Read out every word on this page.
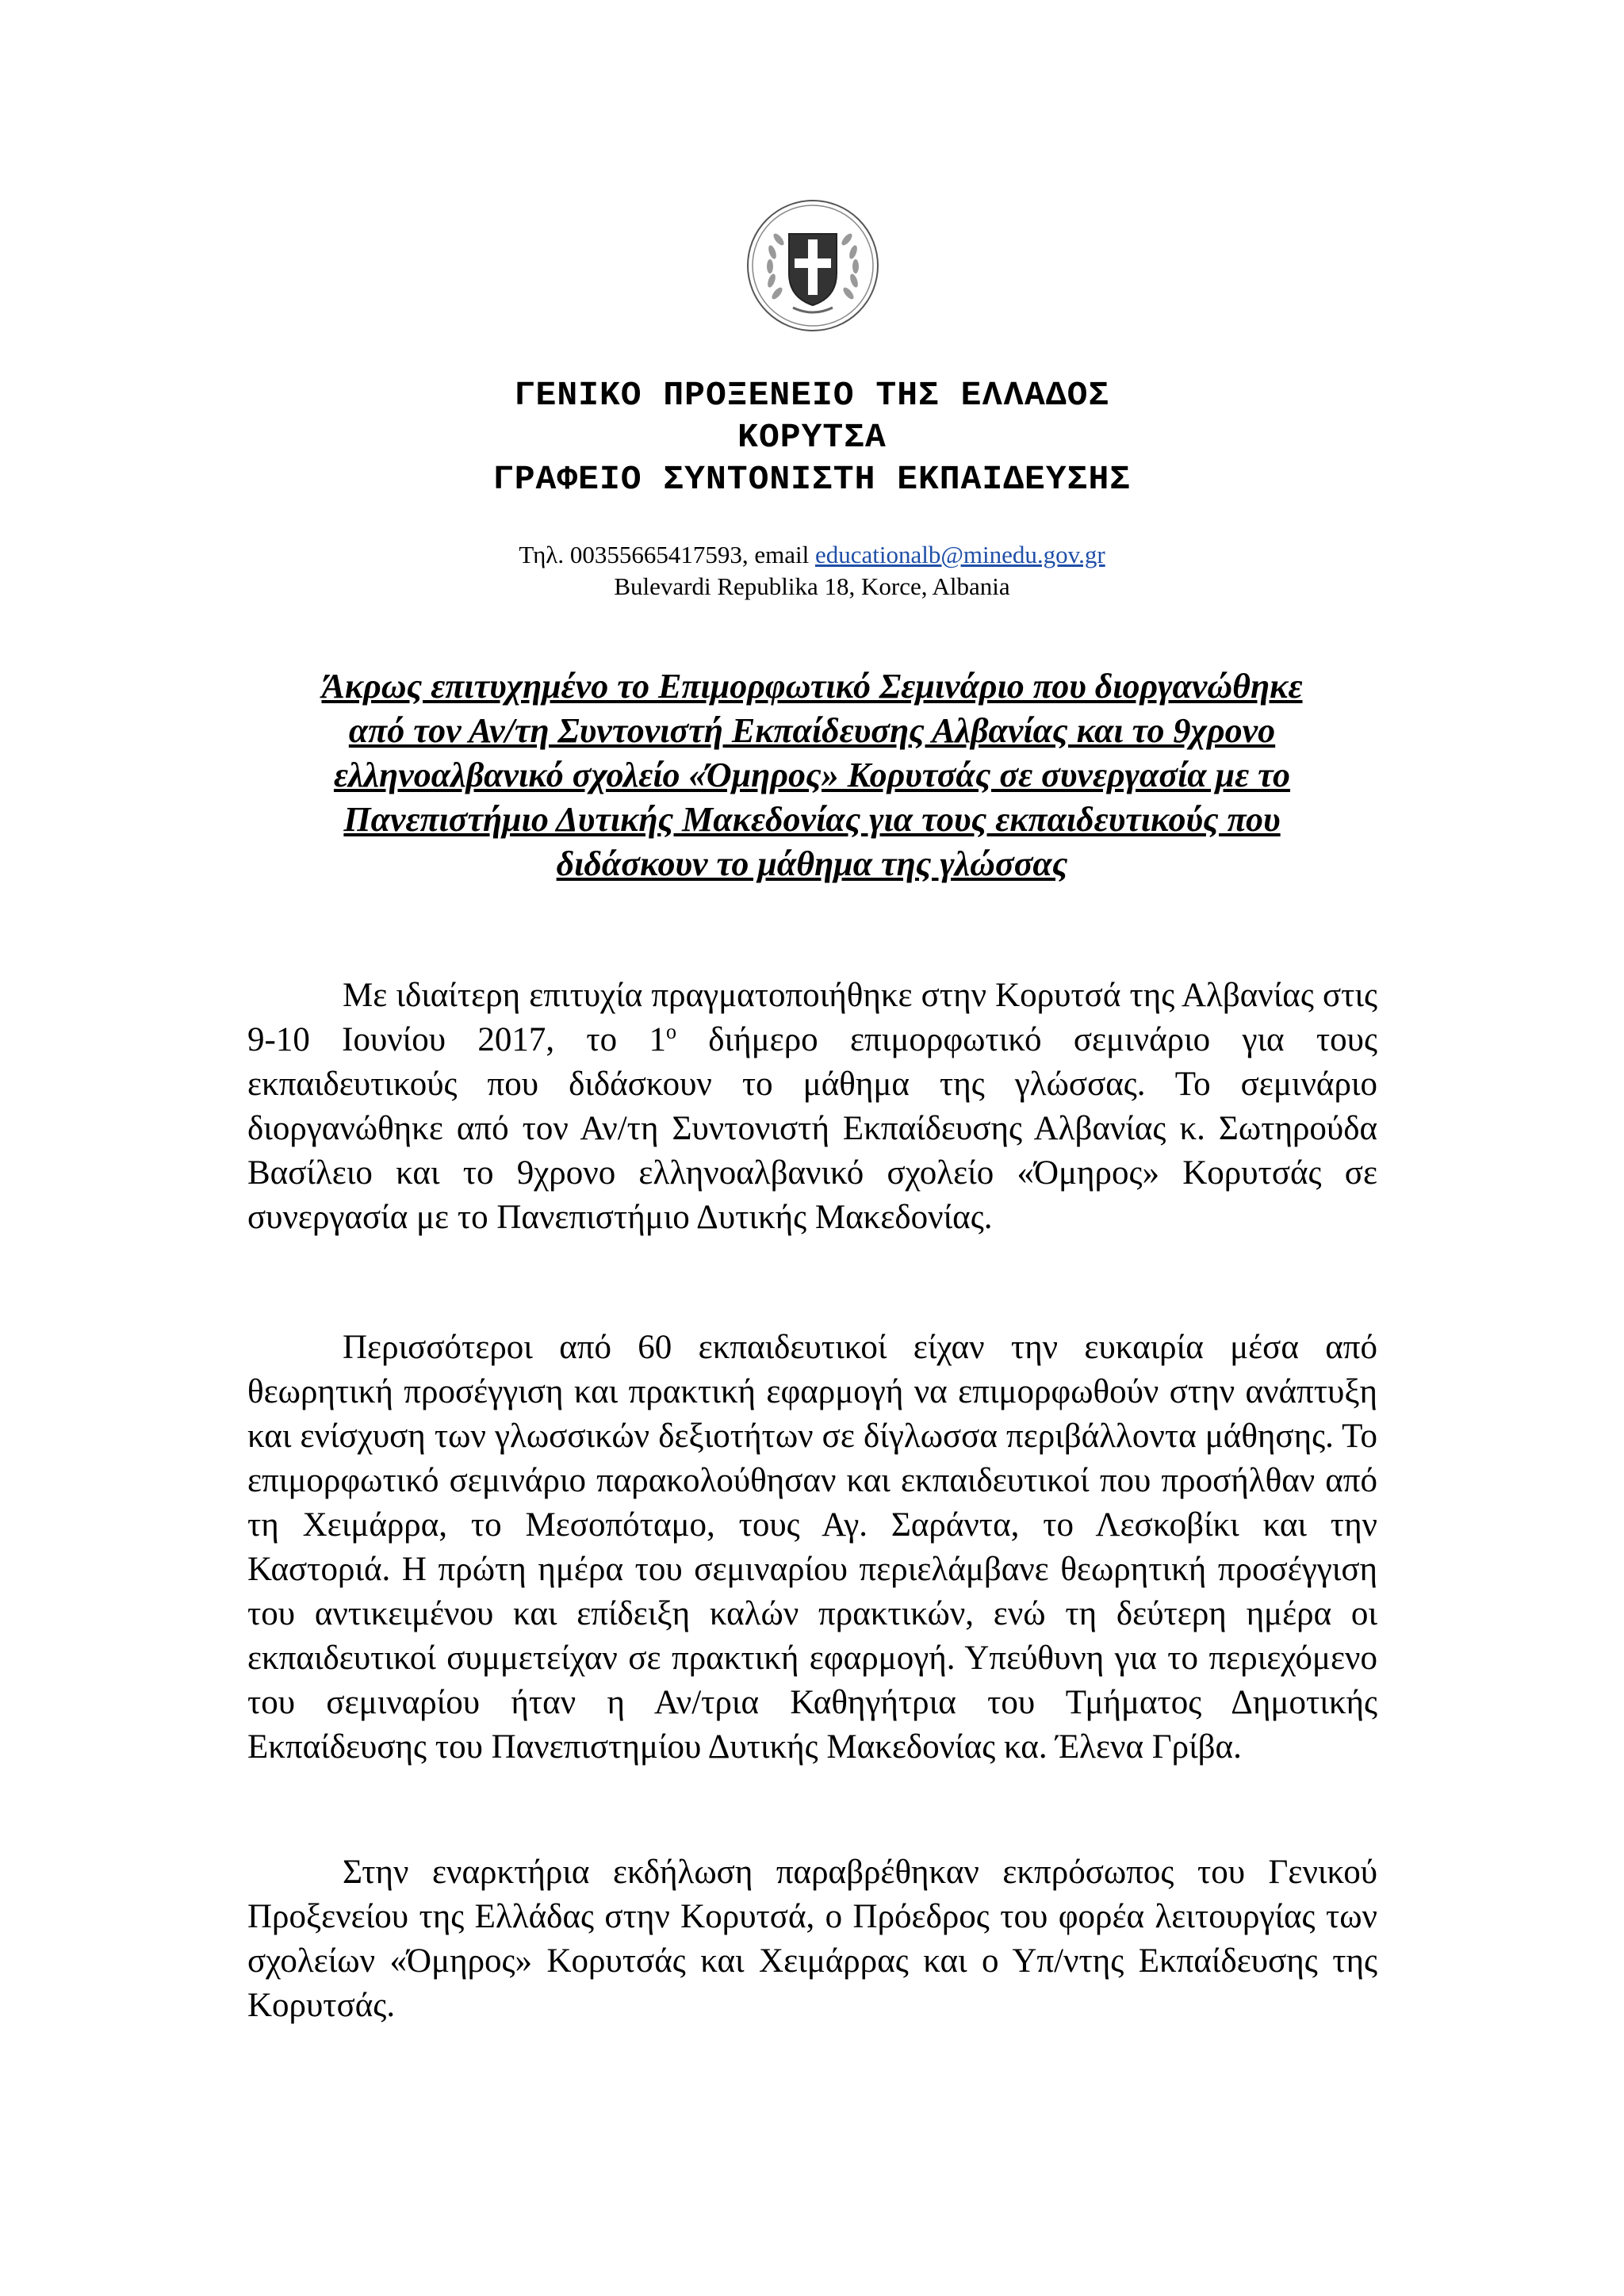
ΓΕΝΙΚΟ ΠΡΟΞΕΝΕΙΟ ΤΗΣ ΕΛΛΑΔΟΣ
ΚΟΡΥΤΣΑ
ΓΡΑΦΕΙΟ ΣΥΝΤΟΝΙΣΤΗ ΕΚΠΑΙΔΕΥΣΗΣ
Τηλ. 00355665417593, email educationalb@minedu.gov.gr
Bulevardi Republika 18, Korce, Albania
Άκρως επιτυχημένο το Επιμορφωτικό Σεμινάριο που διοργανώθηκε
από τον Αν/τη Συντονιστή Εκπαίδευσης Αλβανίας και το 9χρονο
ελληνοαλβανικό σχολείο «Όμηρος» Κορυτσάς σε συνεργασία με το
Πανεπιστήμιο Δυτικής Μακεδονίας για τους εκπαιδευτικούς που
διδάσκουν το μάθημα της γλώσσας

Με ιδιαίτερη επιτυχία πραγματοποιήθηκε στην Κορυτσά της Αλβανίας στις 9-10 Ιουνίου 2017, το $1^o$ διήμερο επιμορφωτικό σεμινάριο για τους εκπαιδευτικούς που διδάσκουν το μάθημα της γλώσσας. Το σεμινάριο διοργανώθηκε από τον Αν/τη Συντονιστή Εκπαίδευσης Αλβανίας κ. Σωτηρούδα Βασίλειο και το 9χρονο ελληνοαλβανικό σχολείο «Όμηρος» Κορυτσάς σε συνεργασία με το Πανεπιστήμιο Δυτικής Μακεδονίας.

Περισσότεροι από 60 εκπαιδευτικοί είχαν την ευκαιρία μέσα από θεωρητική προσέγγιση και πρακτική εφαρμογή να επιμορφωθούν στην ανάπτυξη και ενίσχυση των γλωσσικών δεξιοτήτων σε δίγλωσσα περιβάλλοντα μάθησης. Το επιμορφωτικό σεμινάριο παρακολούθησαν και εκπαιδευτικοί που προσήλθαν από τη Χειμάρρα, το Μεσοπόταμο, τους Αγ. Σαράντα, το Λεσκοβίκι και την Καστοριά. Η πρώτη ημέρα του σεμιναρίου περιελάμβανε θεωρητική προσέγγιση του αντικειμένου και επίδειξη καλών πρακτικών, ενώ τη δεύτερη ημέρα οι εκπαιδευτικοί συμμετείχαν σε πρακτική εφαρμογή. Υπεύθυνη για το περιεχόμενο του σεμιναρίου ήταν η Αν/τρια Καθηγήτρια του Τμήματος Δημοτικής Εκπαίδευσης του Πανεπιστημίου Δυτικής Μακεδονίας κα. Έλενα Γρίβα.

Στην εναρκτήρια εκδήλωση παραβρέθηκαν εκπρόσωπος του Γενικού Προξενείου της Ελλάδας στην Κορυτσά, ο Πρόεδρος του φορέα λειτουργίας των σχολείων «Όμηρος» Κορυτσάς και Χειμάρρας και ο Υπ/ντης Εκπαίδευσης της Κορυτσάς.
